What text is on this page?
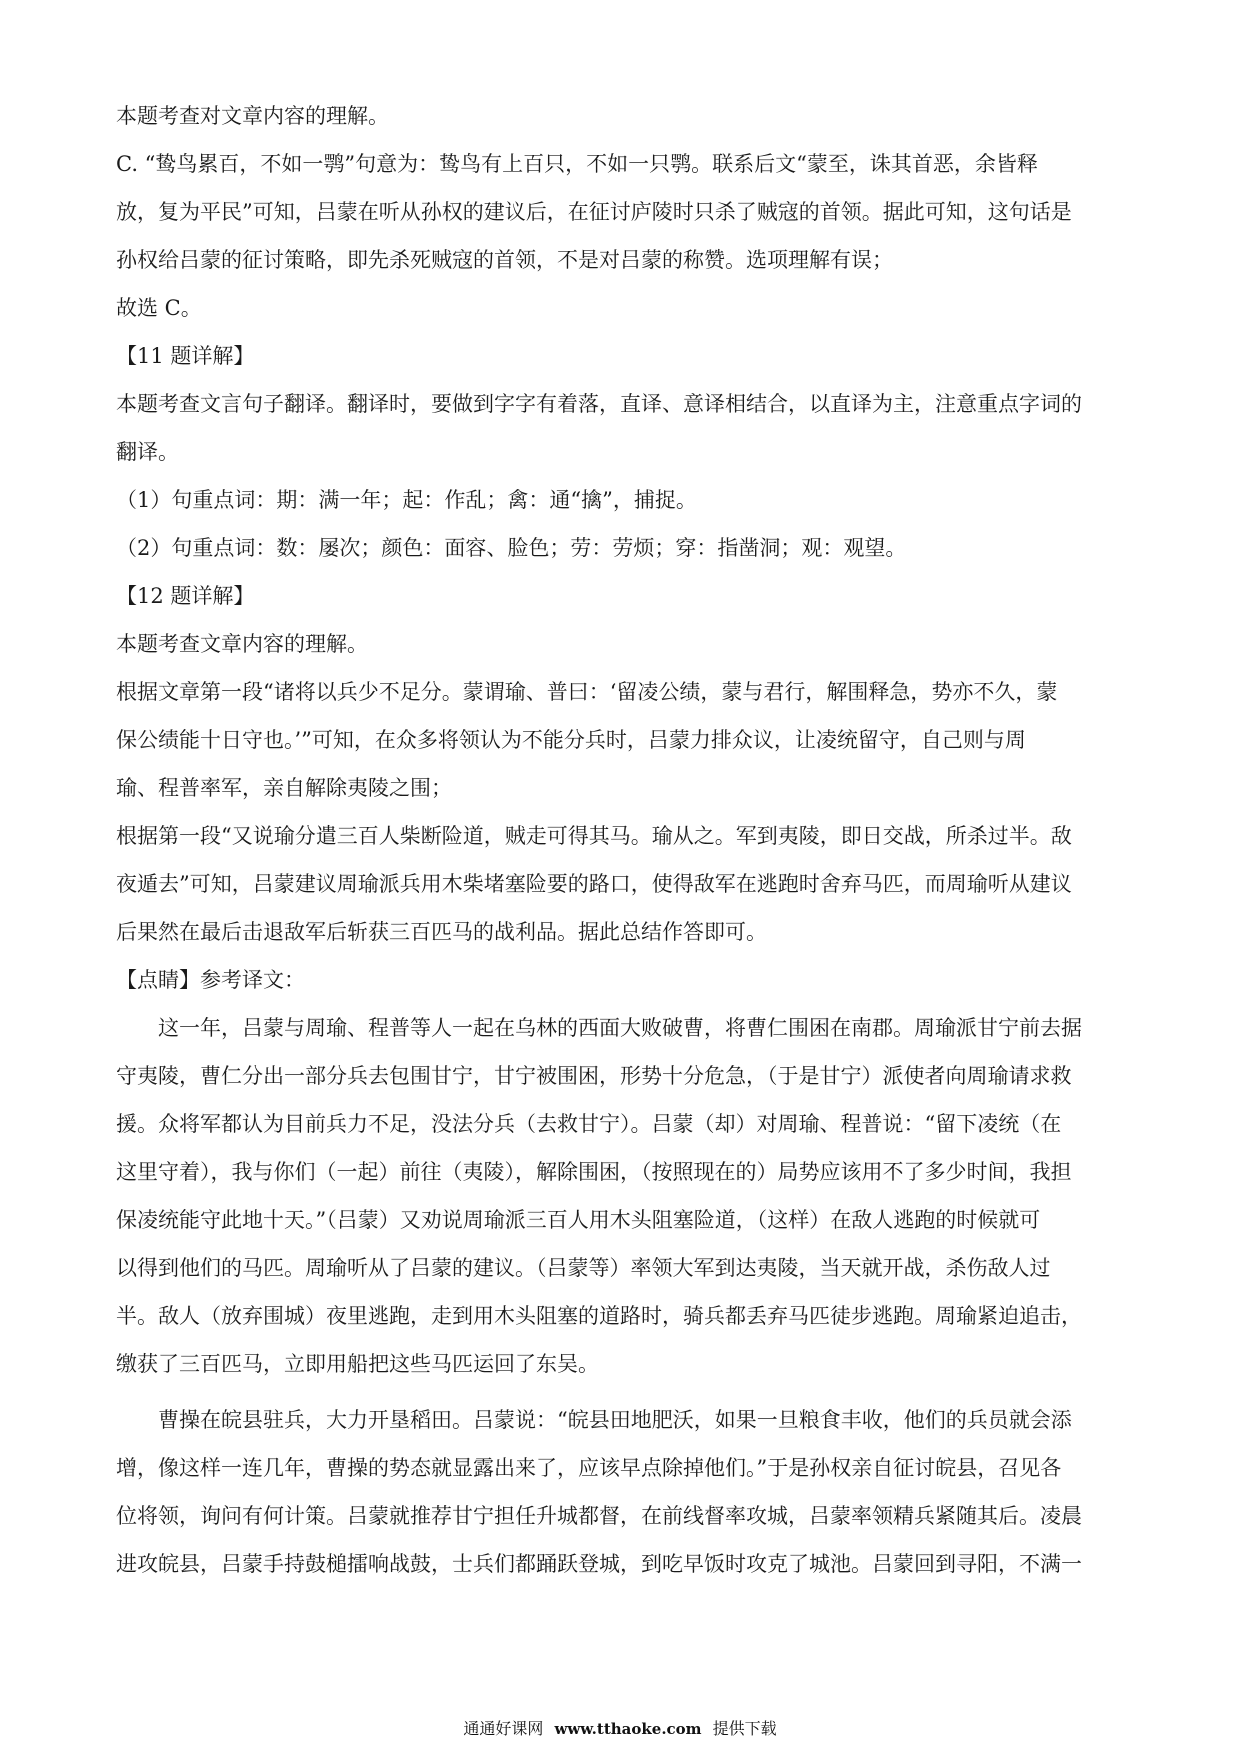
本题考查对文章内容的理解。

C. “鸷鸟累百，不如一鹗”句意为：鸷鸟有上百只，不如一只鹗。联系后文“蒙至，诛其首恶，余皆释

放，复为平民”可知，吕蒙在听从孙权的建议后，在征讨庐陵时只杀了贼寇的首领。据此可知，这句话是

孙权给吕蒙的征讨策略，即先杀死贼寇的首领，不是对吕蒙的称赞。选项理解有误；

故选 C。

【11 题详解】

本题考查文言句子翻译。翻译时，要做到字字有着落，直译、意译相结合，以直译为主，注意重点字词的

翻译。

（1）句重点词：期：满一年；起：作乱；禽：通“擒”，捕捉。

（2）句重点词：数：屡次；颜色：面容、脸色；劳：劳烦；穿：指凿洞；观：观望。

【12 题详解】

本题考查文章内容的理解。

根据文章第一段“诸将以兵少不足分。蒙谓瑜、普曰：‘留凌公绩，蒙与君行，解围释急，势亦不久，蒙

保公绩能十日守也。’”可知，在众多将领认为不能分兵时，吕蒙力排众议，让凌统留守，自己则与周

瑜、程普率军，亲自解除夷陵之围；

根据第一段“又说瑜分遣三百人柴断险道，贼走可得其马。瑜从之。军到夷陵，即日交战，所杀过半。敌

夜遁去”可知，吕蒙建议周瑜派兵用木柴堵塞险要的路口，使得敌军在逃跑时舍弃马匹，而周瑜听从建议

后果然在最后击退敌军后斩获三百匹马的战利品。据此总结作答即可。

【点睛】参考译文：

这一年，吕蒙与周瑜、程普等人一起在乌林的西面大败破曹，将曹仁围困在南郡。周瑜派甘宁前去据

守夷陵，曹仁分出一部分兵去包围甘宁，甘宁被围困，形势十分危急，（于是甘宁）派使者向周瑜请求救

援。众将军都认为目前兵力不足，没法分兵（去救甘宁）。吕蒙（却）对周瑜、程普说：“留下凌统（在

这里守着），我与你们（一起）前往（夷陵），解除围困，（按照现在的）局势应该用不了多少时间，我担

保凌统能守此地十天。”（吕蒙）又劝说周瑜派三百人用木头阻塞险道，（这样）在敌人逃跑的时候就可

以得到他们的马匹。周瑜听从了吕蒙的建议。（吕蒙等）率领大军到达夷陵，当天就开战，杀伤敌人过

半。敌人（放弃围城）夜里逃跑，走到用木头阻塞的道路时，骑兵都丢弃马匹徒步逃跑。周瑜紧迫追击，

缴获了三百匹马，立即用船把这些马匹运回了东吴。

曹操在皖县驻兵，大力开垦稻田。吕蒙说：“皖县田地肥沃，如果一旦粮食丰收，他们的兵员就会添

增，像这样一连几年，曹操的势态就显露出来了，应该早点除掉他们。”于是孙权亲自征讨皖县，召见各

位将领，询问有何计策。吕蒙就推荐甘宁担任升城都督，在前线督率攻城，吕蒙率领精兵紧随其后。凌晨

进攻皖县，吕蒙手持鼓槌擂响战鼓，士兵们都踊跃登城，到吃早饭时攻克了城池。吕蒙回到寻阳，不满一

通通好课网 www.tthaoke.com 提供下载
